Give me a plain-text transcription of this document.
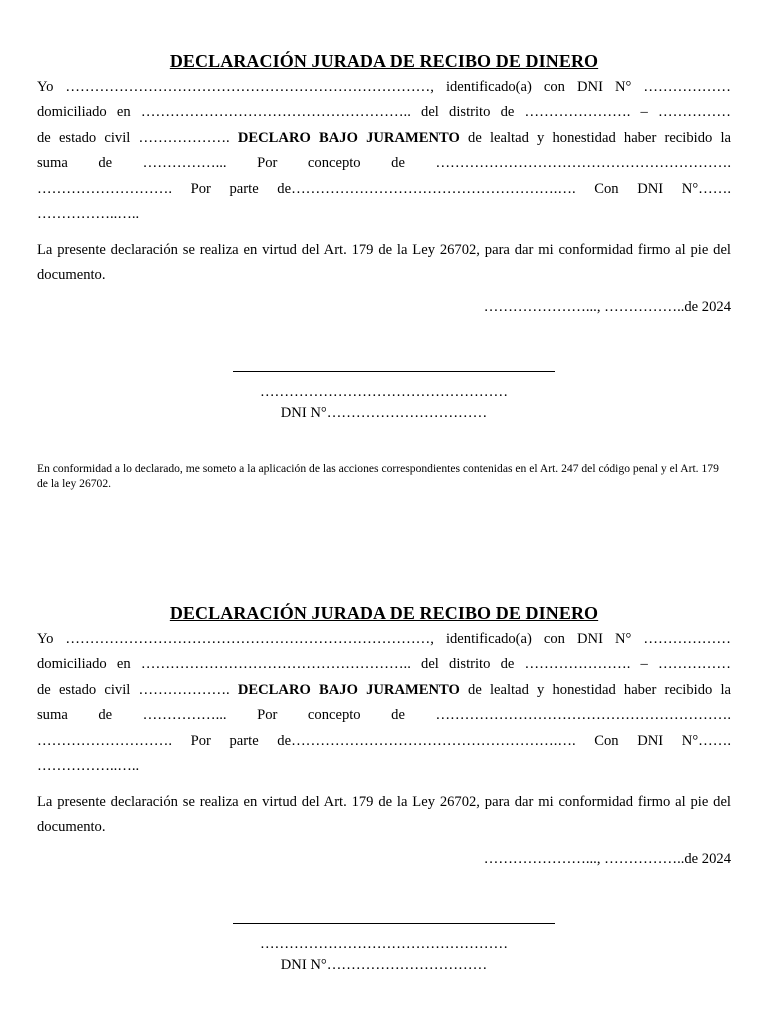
DECLARACIÓN JURADA DE RECIBO DE DINERO
Yo …………………………………………………………………, identificado(a) con DNI N° ………………
domiciliado en ……………………………………………….. del distrito de …………………. – ……………
de estado civil ………………. DECLARO BAJO JURAMENTO de lealtad y honestidad haber recibido la
suma de ……………... Por concepto de …………………………………………………….
………………………. Por parte de……………………………………………….…. Con DNI N°…….
……………..…..

La presente declaración se realiza en virtud del Art. 179 de la Ley 26702, para dar mi conformidad firmo al pie del documento.

…………………..., ……………..de 2024
……………………………………………
DNI N°……………………………

En conformidad a lo declarado, me someto a la aplicación de las acciones correspondientes contenidas en el Art. 247 del código penal y el Art. 179 de la ley 26702.

DECLARACIÓN JURADA DE RECIBO DE DINERO
Yo …………………………………………………………………, identificado(a) con DNI N° ………………
domiciliado en ……………………………………………….. del distrito de …………………. – ……………
de estado civil ………………. DECLARO BAJO JURAMENTO de lealtad y honestidad haber recibido la
suma de ……………... Por concepto de …………………………………………………….
………………………. Por parte de……………………………………………….…. Con DNI N°…….
……………..…..

La presente declaración se realiza en virtud del Art. 179 de la Ley 26702, para dar mi conformidad firmo al pie del documento.

…………………..., ……………..de 2024
……………………………………………
DNI N°……………………………
